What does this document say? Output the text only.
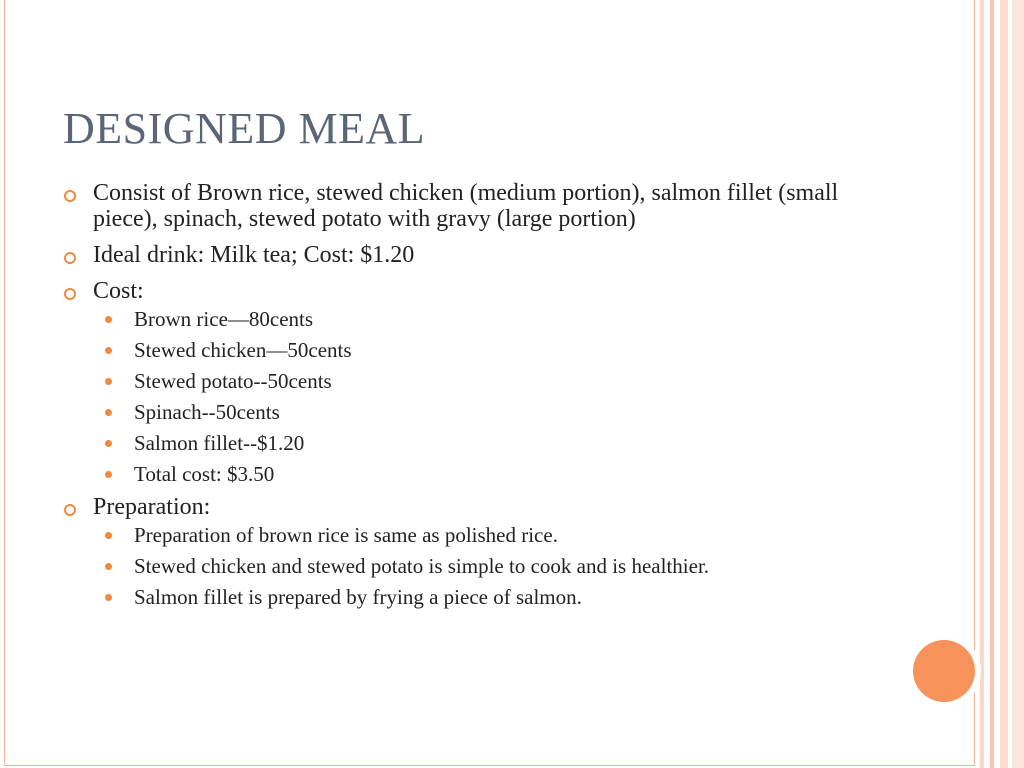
DESIGNED MEAL
Consist of Brown rice, stewed chicken (medium portion), salmon fillet (small piece), spinach, stewed potato with gravy (large portion)
Ideal drink: Milk tea; Cost: $1.20
Cost:
Brown rice—80cents
Stewed chicken—50cents
Stewed potato--50cents
Spinach--50cents
Salmon fillet--$1.20
Total cost: $3.50
Preparation:
Preparation of brown rice is same as polished rice.
Stewed chicken and stewed potato is simple to cook and is healthier.
Salmon fillet is prepared by frying a piece of salmon.
